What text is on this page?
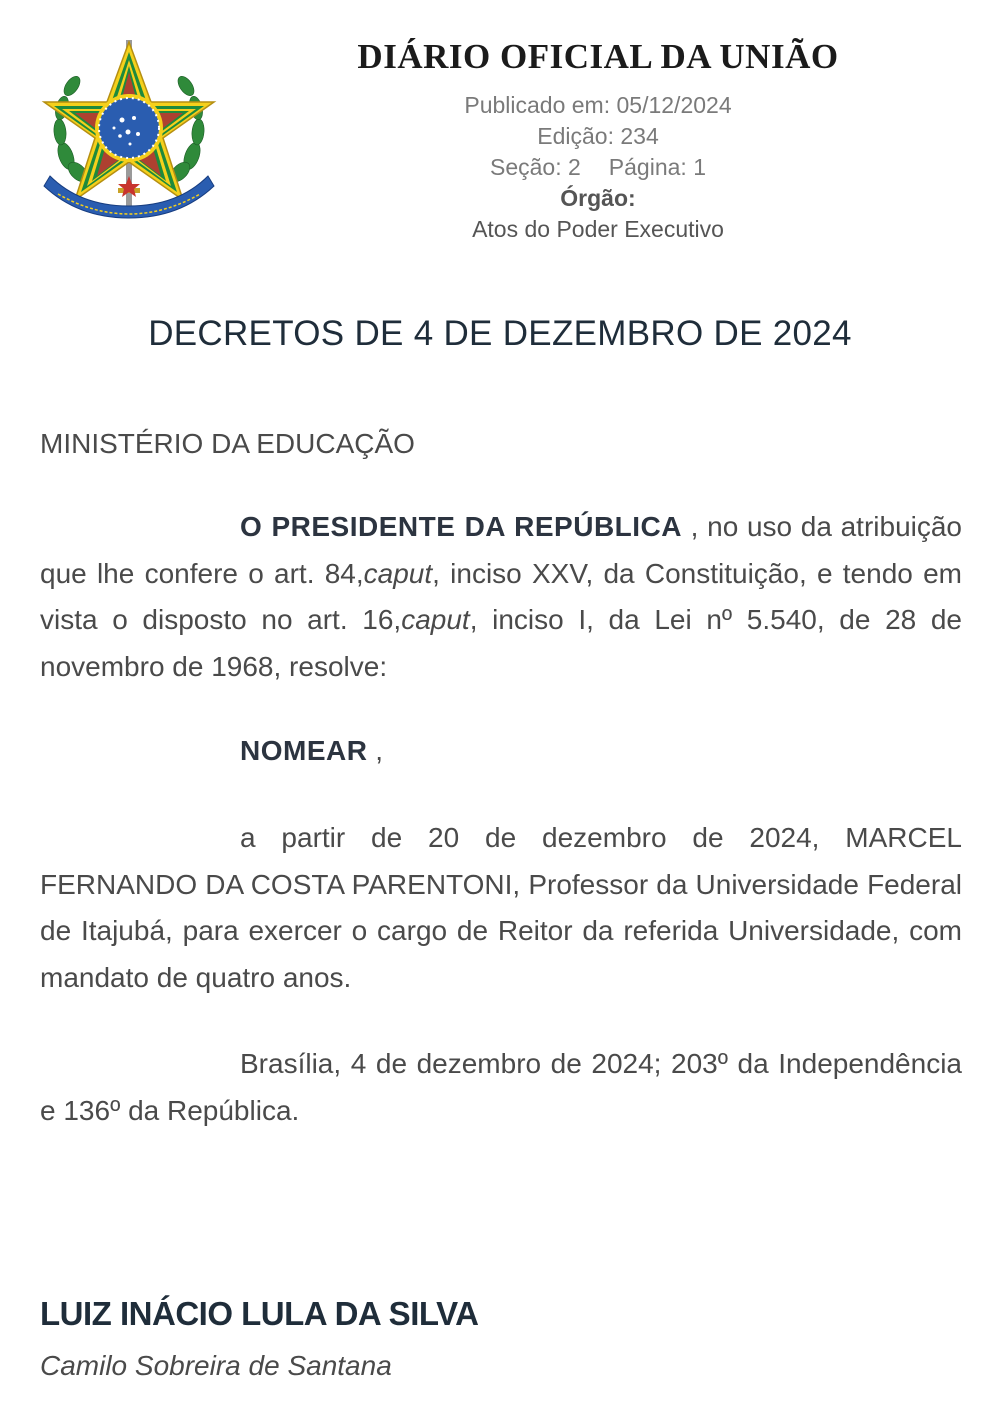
DIÁRIO OFICIAL DA UNIÃO
Publicado em: 05/12/2024
Edição: 234
Seção: 2 Página: 1
Órgão:
Atos do Poder Executivo
DECRETOS DE 4 DE DEZEMBRO DE 2024
MINISTÉRIO DA EDUCAÇÃO
O PRESIDENTE DA REPÚBLICA , no uso da atribuição que lhe confere o art. 84,caput, inciso XXV, da Constituição, e tendo em vista o disposto no art. 16,caput, inciso I, da Lei nº 5.540, de 28 de novembro de 1968, resolve:
NOMEAR ,
a partir de 20 de dezembro de 2024, MARCEL FERNANDO DA COSTA PARENTONI, Professor da Universidade Federal de Itajubá, para exercer o cargo de Reitor da referida Universidade, com mandato de quatro anos.
Brasília, 4 de dezembro de 2024; 203º da Independência e 136º da República.
LUIZ INÁCIO LULA DA SILVA
Camilo Sobreira de Santana
